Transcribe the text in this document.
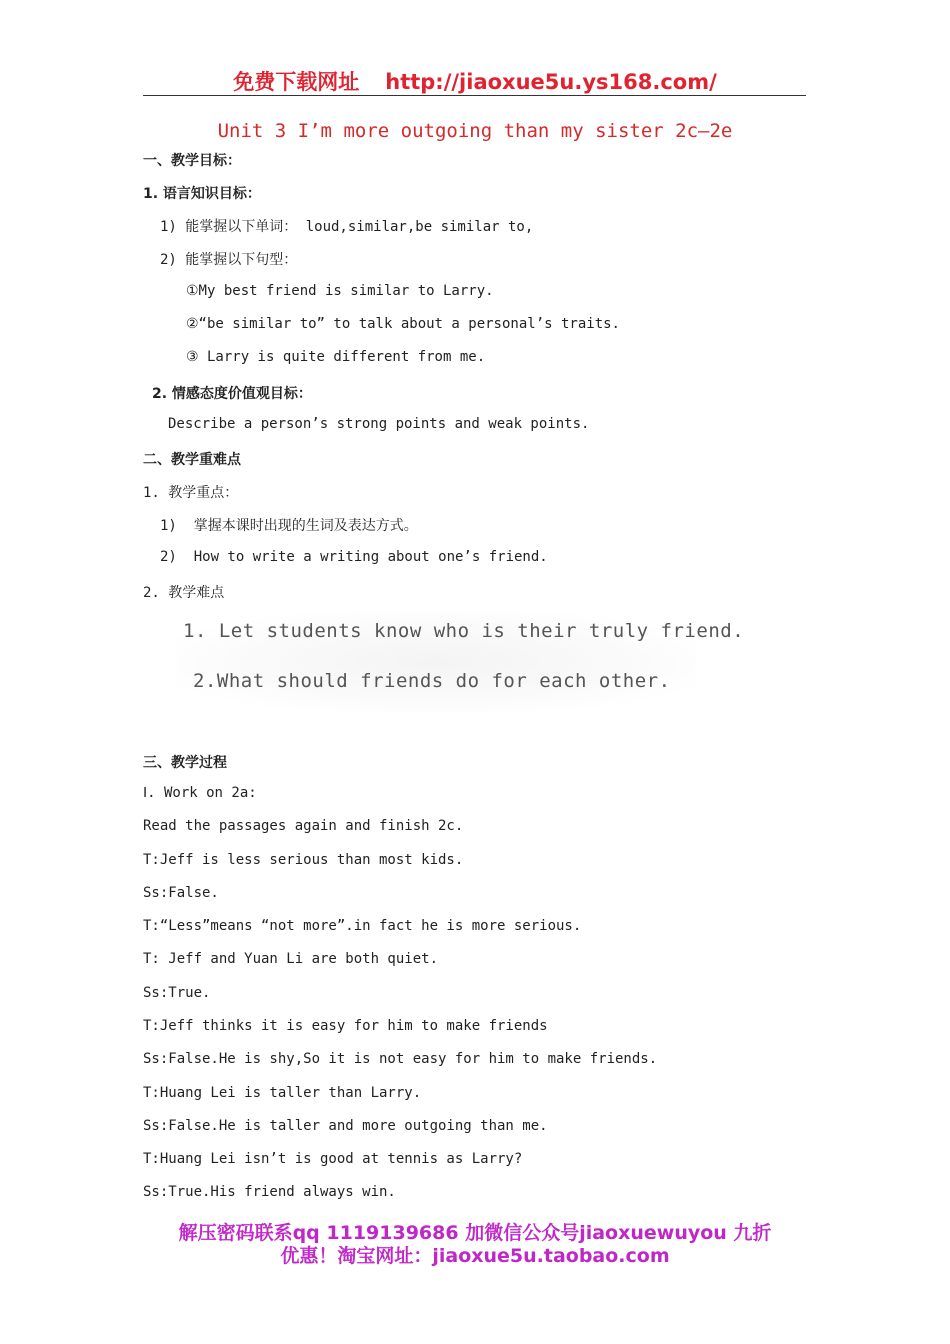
免费下载网址 http://jiaoxue5u.ys168.com/
Unit 3 I’m more outgoing than my sister 2c—2e
一、教学目标：
1. 语言知识目标：
1) 能掌握以下单词： loud,similar,be similar to,
2) 能掌握以下句型：
①My best friend is similar to Larry.
②“be similar to” to talk about a personal’s traits.
③ Larry is quite different from me.
2. 情感态度价值观目标：
Describe a person’s strong points and weak points.
二、教学重难点
1. 教学重点：
1)  掌握本课时出现的生词及表达方式。
2)  How to write a writing about one’s friend.
2. 教学难点
1. Let students know who is their truly friend.
2.What should friends do for each other.
三、教学过程
Ⅰ. Work on 2a:
Read the passages again and finish 2c.
T:Jeff is less serious than most kids.
Ss:False.
T:“Less”means “not more”.in fact he is more serious.
T: Jeff and Yuan Li are both quiet.
Ss:True.
T:Jeff thinks it is easy for him to make friends
Ss:False.He is shy,So it is not easy for him to make friends.
T:Huang Lei is taller than Larry.
Ss:False.He is taller and more outgoing than me.
T:Huang Lei isn’t is good at tennis as Larry?
Ss:True.His friend always win.
解压密码联系qq 1119139686 加微信公众号jiaoxuewuyou 九折
优惠！淘宝网址：jiaoxue5u.taobao.com
